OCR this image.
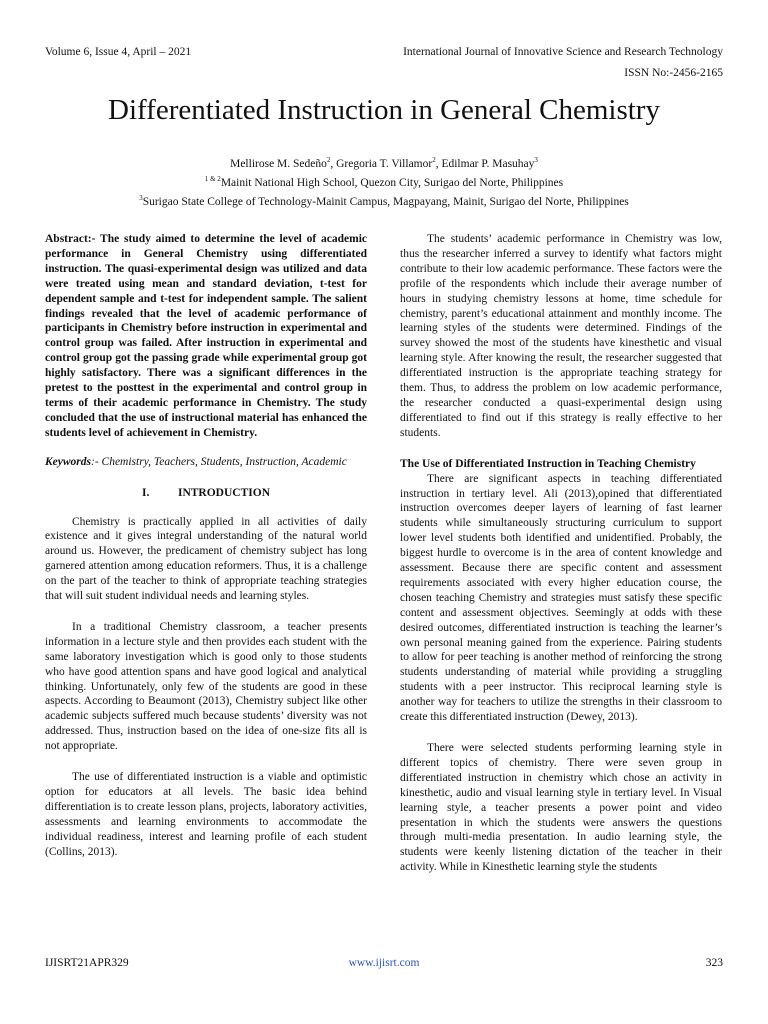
Volume 6, Issue 4, April – 2021	International Journal of Innovative Science and Research Technology
ISSN No:-2456-2165
Differentiated Instruction in General Chemistry
Mellirose M. Sedeño$^2$, Gregoria T. Villamor$^2$, Edilmar P. Masuhay$^3$
$^{1 \& 2}$Mainit National High School, Quezon City, Surigao del Norte, Philippines
$^3$Surigao State College of Technology-Mainit Campus, Magpayang, Mainit, Surigao del Norte, Philippines

Abstract:- The study aimed to determine the level of academic performance in General Chemistry using differentiated instruction. The quasi-experimental design was utilized and data were treated using mean and standard deviation, t-test for dependent sample and t-test for independent sample. The salient findings revealed that the level of academic performance of participants in Chemistry before instruction in experimental and control group was failed. After instruction in experimental and control group got the passing grade while experimental group got highly satisfactory. There was a significant differences in the pretest to the posttest in the experimental and control group in terms of their academic performance in Chemistry. The study concluded that the use of instructional material has enhanced the students level of achievement in Chemistry.

Keywords:- Chemistry, Teachers, Students, Instruction, Academic

I. INTRODUCTION

Chemistry is practically applied in all activities of daily existence and it gives integral understanding of the natural world around us. However, the predicament of chemistry subject has long garnered attention among education reformers. Thus, it is a challenge on the part of the teacher to think of appropriate teaching strategies that will suit student individual needs and learning styles.

In a traditional Chemistry classroom, a teacher presents information in a lecture style and then provides each student with the same laboratory investigation which is good only to those students who have good attention spans and have good logical and analytical thinking. Unfortunately, only few of the students are good in these aspects. According to Beaumont (2013), Chemistry subject like other academic subjects suffered much because students’ diversity was not addressed. Thus, instruction based on the idea of one-size fits all is not appropriate.

The use of differentiated instruction is a viable and optimistic option for educators at all levels. The basic idea behind differentiation is to create lesson plans, projects, laboratory activities, assessments and learning environments to accommodate the individual readiness, interest and learning profile of each student (Collins, 2013).

The students’ academic performance in Chemistry was low, thus the researcher inferred a survey to identify what factors might contribute to their low academic performance. These factors were the profile of the respondents which include their average number of hours in studying chemistry lessons at home, time schedule for chemistry, parent’s educational attainment and monthly income. The learning styles of the students were determined. Findings of the survey showed the most of the students have kinesthetic and visual learning style. After knowing the result, the researcher suggested that differentiated instruction is the appropriate teaching strategy for them. Thus, to address the problem on low academic performance, the researcher conducted a quasi-experimental design using differentiated to find out if this strategy is really effective to her students.

The Use of Differentiated Instruction in Teaching Chemistry

There are significant aspects in teaching differentiated instruction in tertiary level. Ali (2013),opined that differentiated instruction overcomes deeper layers of learning of fast learner students while simultaneously structuring curriculum to support lower level students both identified and unidentified. Probably, the biggest hurdle to overcome is in the area of content knowledge and assessment. Because there are specific content and assessment requirements associated with every higher education course, the chosen teaching Chemistry and strategies must satisfy these specific content and assessment objectives. Seemingly at odds with these desired outcomes, differentiated instruction is teaching the learner’s own personal meaning gained from the experience. Pairing students to allow for peer teaching is another method of reinforcing the strong students understanding of material while providing a struggling students with a peer instructor. This reciprocal learning style is another way for teachers to utilize the strengths in their classroom to create this differentiated instruction (Dewey, 2013).

There were selected students performing learning style in different topics of chemistry. There were seven group in differentiated instruction in chemistry which chose an activity in kinesthetic, audio and visual learning style in tertiary level. In Visual learning style, a teacher presents a power point and video presentation in which the students were answers the questions through multi-media presentation. In audio learning style, the students were keenly listening dictation of the teacher in their activity. While in Kinesthetic learning style the students

IJISRT21APR329	www.ijisrt.com	323
